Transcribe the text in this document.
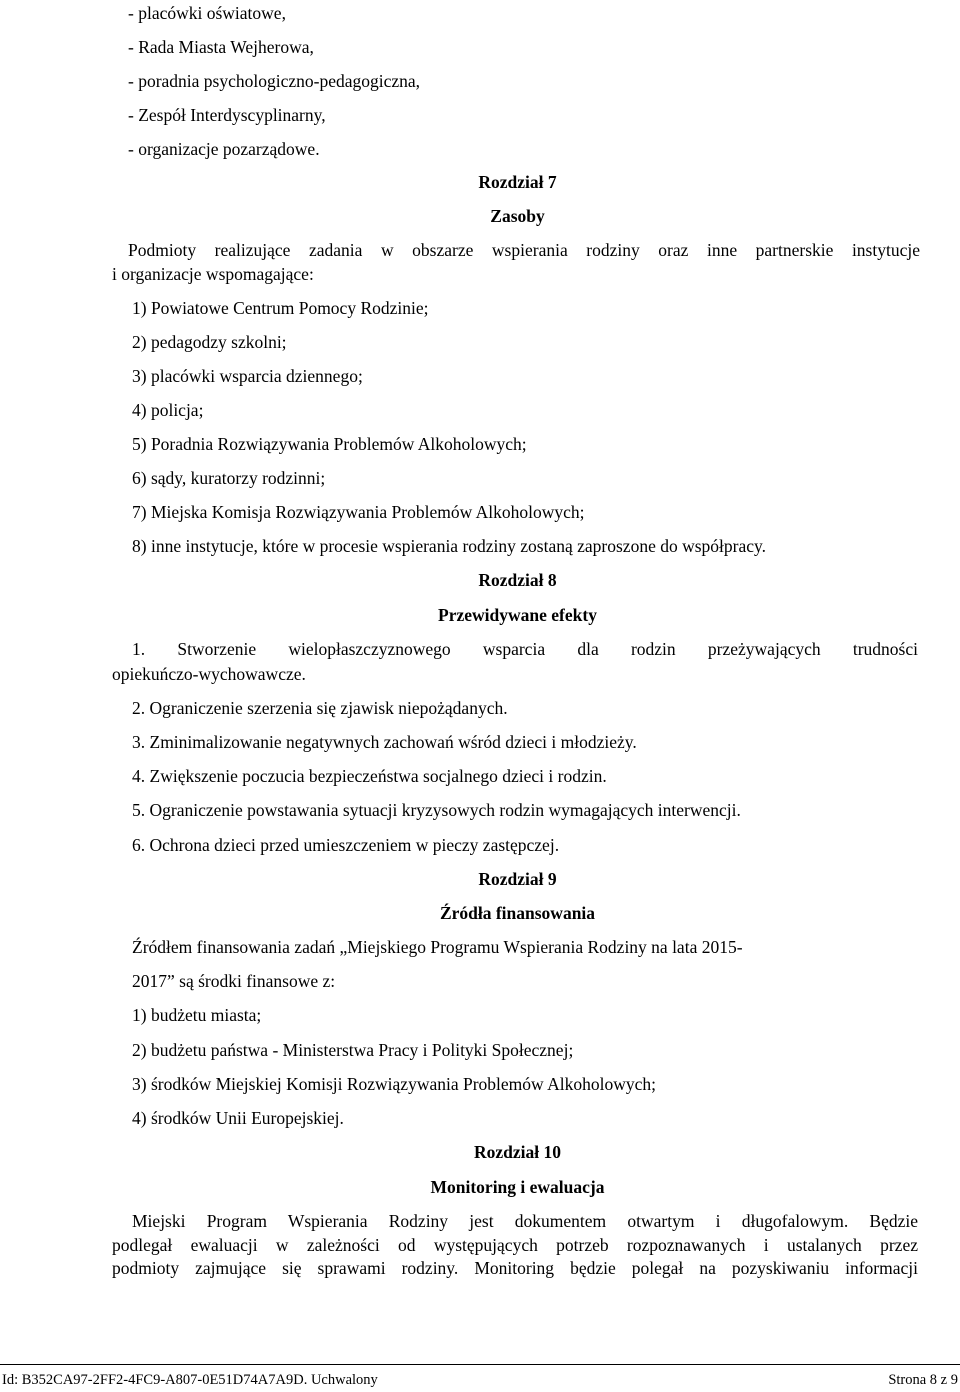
- placówki oświatowe,
- Rada Miasta Wejherowa,
- poradnia psychologiczno-pedagogiczna,
- Zespół Interdyscyplinarny,
- organizacje pozarządowe.
Rozdział 7
Zasoby
Podmioty realizujące zadania w obszarze wspierania rodziny oraz inne partnerskie instytucje
i organizacje wspomagające:
1) Powiatowe Centrum Pomocy Rodzinie;
2) pedagodzy szkolni;
3) placówki wsparcia dziennego;
4) policja;
5) Poradnia Rozwiązywania Problemów Alkoholowych;
6) sądy, kuratorzy rodzinni;
7) Miejska Komisja Rozwiązywania Problemów Alkoholowych;
8) inne instytucje, które w procesie wspierania rodziny zostaną zaproszone do współpracy.
Rozdział 8
Przewidywane efekty
1. Stworzenie wielopłaszczyznowego wsparcia dla rodzin przeżywających trudności
opiekuńczo-wychowawcze.
2. Ograniczenie szerzenia się zjawisk niepożądanych.
3. Zminimalizowanie negatywnych zachowań wśród dzieci i młodzieży.
4. Zwiększenie poczucia bezpieczeństwa socjalnego dzieci i rodzin.
5. Ograniczenie powstawania sytuacji kryzysowych rodzin wymagających interwencji.
6. Ochrona dzieci przed umieszczeniem w pieczy zastępczej.
Rozdział 9
Źródła finansowania
Źródłem finansowania zadań „Miejskiego Programu Wspierania Rodziny na lata 2015-
2017” są środki finansowe z:
1) budżetu miasta;
2) budżetu państwa - Ministerstwa Pracy i Polityki Społecznej;
3) środków Miejskiej Komisji Rozwiązywania Problemów Alkoholowych;
4) środków Unii Europejskiej.
Rozdział 10
Monitoring i ewaluacja
Miejski Program Wspierania Rodziny jest dokumentem otwartym i długofalowym. Będzie
podlegał ewaluacji w zależności od występujących potrzeb rozpoznawanych i ustalanych przez
podmioty zajmujące się sprawami rodziny. Monitoring będzie polegał na pozyskiwaniu informacji
Id: B352CA97-2FF2-4FC9-A807-0E51D74A7A9D. Uchwalony	Strona 8 z 9
